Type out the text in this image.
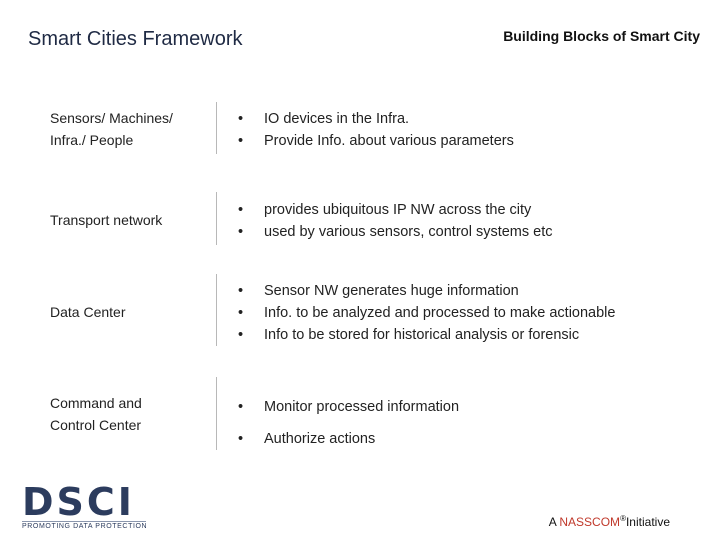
Smart Cities Framework	Building Blocks of Smart City
Sensors/ Machines/
Infra./ People
• IO devices in the Infra.
• Provide Info. about various parameters
Transport network
• provides ubiquitous IP NW across the city
• used by various sensors, control systems etc
Data Center
• Sensor NW generates huge information
• Info. to be analyzed and processed to make actionable
• Info to be stored for historical analysis or forensic
Command and
Control Center
• Monitor processed information
• Authorize actions
DSCI
PROMOTING DATA PROTECTION	A NASSCOM®Initiative
